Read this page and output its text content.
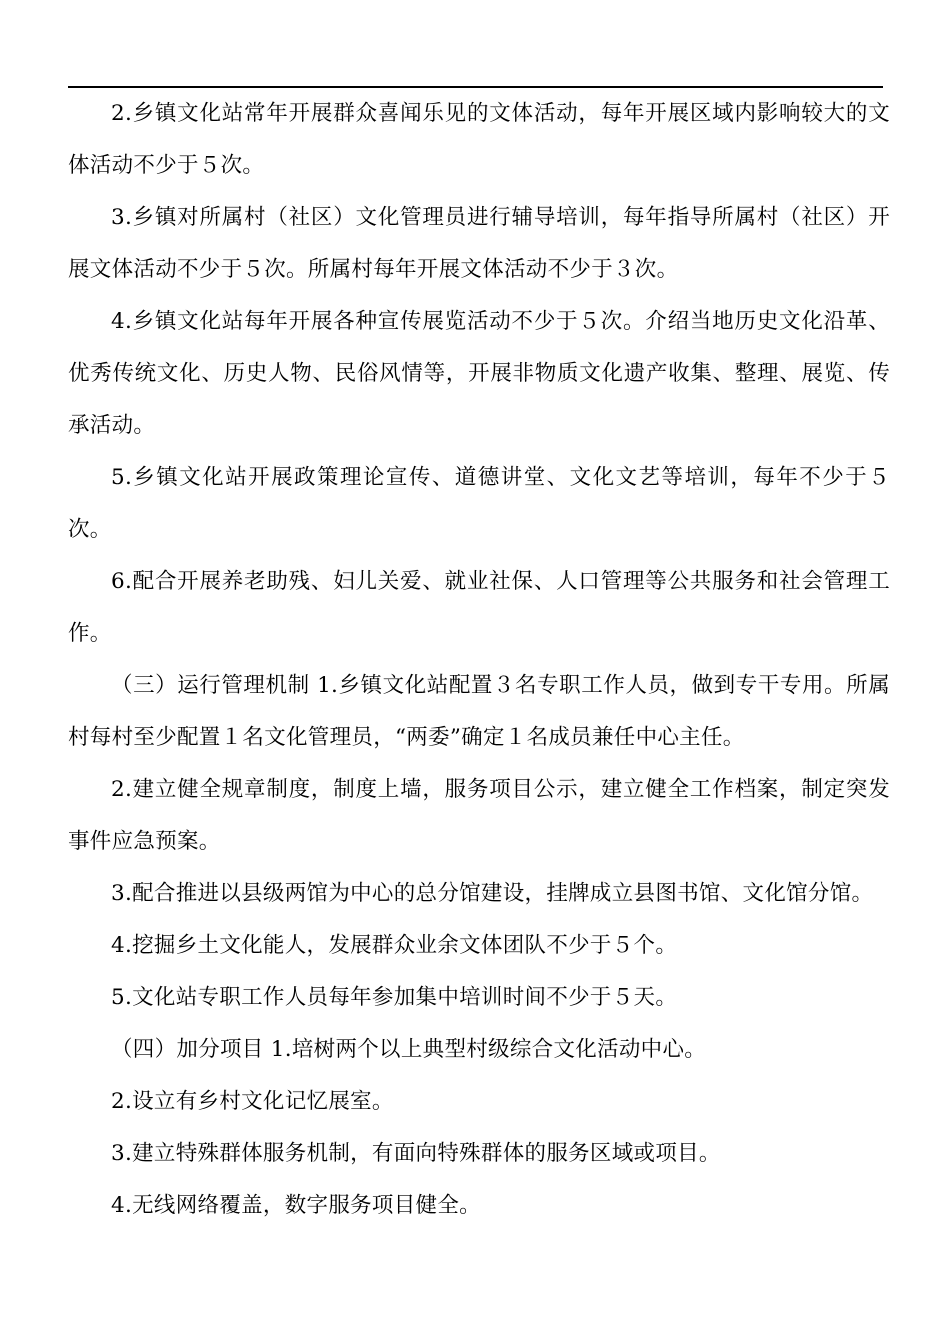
2.乡镇文化站常年开展群众喜闻乐见的文体活动，每年开展区域内影响较大的文体活动不少于５次。

3.乡镇对所属村（社区）文化管理员进行辅导培训，每年指导所属村（社区）开展文体活动不少于５次。所属村每年开展文体活动不少于３次。

4.乡镇文化站每年开展各种宣传展览活动不少于５次。介绍当地历史文化沿革、优秀传统文化、历史人物、民俗风情等，开展非物质文化遗产收集、整理、展览、传承活动。

5.乡镇文化站开展政策理论宣传、道德讲堂、文化文艺等培训，每年不少于５次。

6.配合开展养老助残、妇儿关爱、就业社保、人口管理等公共服务和社会管理工作。

（三）运行管理机制 1.乡镇文化站配置３名专职工作人员，做到专干专用。所属村每村至少配置１名文化管理员，“两委”确定１名成员兼任中心主任。

2.建立健全规章制度，制度上墙，服务项目公示，建立健全工作档案，制定突发事件应急预案。

3.配合推进以县级两馆为中心的总分馆建设，挂牌成立县图书馆、文化馆分馆。

4.挖掘乡土文化能人，发展群众业余文体团队不少于５个。

5.文化站专职工作人员每年参加集中培训时间不少于５天。

（四）加分项目 1.培树两个以上典型村级综合文化活动中心。

2.设立有乡村文化记忆展室。

3.建立特殊群体服务机制，有面向特殊群体的服务区域或项目。

4.无线网络覆盖，数字服务项目健全。
